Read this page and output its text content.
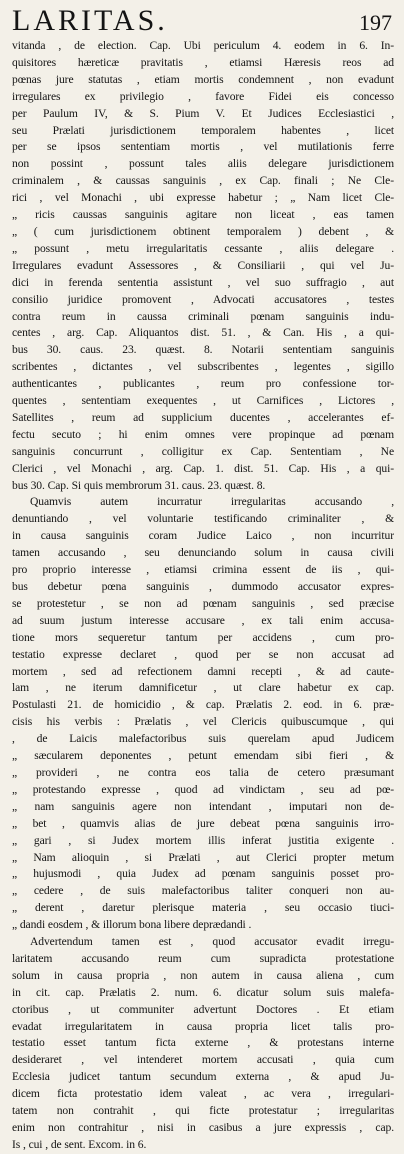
LARITAS.	197
vitanda , de election. Cap. Ubi periculum 4. eodem in 6. In-
quisitores hæreticæ pravitatis , etiamsi Hæresis reos ad
pœnas jure statutas , etiam mortis condemnent , non evadunt
irregulares ex privilegio , favore Fidei eis concesso
per Paulum IV, & S. Pium V. Et Judices Ecclesiastici ,
seu Prælati jurisdictionem temporalem habentes , licet
per se ipsos sententiam mortis , vel mutilationis ferre
non possint , possunt tales aliis delegare jurisdictionem
criminalem , & caussas sanguinis , ex Cap. finali ; Ne Cle-
rici , vel Monachi , ubi expresse habetur ; „ Nam licet Cle-
„ ricis caussas sanguinis agitare non liceat , eas tamen
„ ( cum jurisdictionem obtinent temporalem ) debent , &
„ possunt , metu irregularitatis cessante , aliis delegare .
Irregulares evadunt Assessores , & Consiliarii , qui vel Ju-
dici in ferenda sententia assistunt , vel suo suffragio , aut
consilio juridice promovent , Advocati accusatores , testes
contra reum in caussa criminali pœnam sanguinis indu-
centes , arg. Cap. Aliquantos dist. 51. , & Can. His , a qui-
bus 30. caus. 23. quæst. 8. Notarii sententiam sanguinis
scribentes , dictantes , vel subscribentes , legentes , sigillo
authenticantes , publicantes , reum pro confessione tor-
quentes , sententiam exequentes , ut Carnifices , Lictores ,
Satellites , reum ad supplicium ducentes , accelerantes ef-
fectu secuto ; hi enim omnes vere propinque ad pœnam
sanguinis concurrunt , colligitur ex Cap. Sententiam , Ne
Clerici , vel Monachi , arg. Cap. 1. dist. 51. Cap. His , a qui-
bus 30. Cap. Si quis membrorum 31. caus. 23. quæst. 8.
Quamvis autem incurratur irregularitas accusando ,
denuntiando , vel voluntarie testificando criminaliter , &
in causa sanguinis coram Judice Laico , non incurritur
tamen accusando , seu denunciando solum in causa civili
pro proprio interesse , etiamsi crimina essent de iis , qui-
bus debetur pœna sanguinis , dummodo accusator expres-
se protestetur , se non ad pœnam sanguinis , sed præcise
ad suum justum interesse accusare , ex tali enim accusa-
tione mors sequeretur tantum per accidens , cum pro-
testatio expresse declaret , quod per se non accusat ad
mortem , sed ad refectionem damni recepti , & ad caute-
lam , ne iterum damnificetur , ut clare habetur ex cap.
Postulasti 21. de homicidio , & cap. Prælatis 2. eod. in 6. præ-
cisis his verbis : Prælatis , vel Clericis quibuscumque , qui
, de Laicis malefactoribus suis querelam apud Judicem
„ sæcularem deponentes , petunt emendam sibi fieri , &
„ provideri , ne contra eos talia de cetero præsumant
„ protestando expresse , quod ad vindictam , seu ad pœ-
„ nam sanguinis agere non intendant , imputari non de-
„ bet , quamvis alias de jure debeat pœna sanguinis irro-
„ gari , si Judex mortem illis inferat justitia exigente .
„ Nam alioquin , si Prælati , aut Clerici propter metum
„ hujusmodi , quia Judex ad pœnam sanguinis posset pro-
„ cedere , de suis malefactoribus taliter conqueri non au-
„ derent , daretur plerisque materia , seu occasio tiuci-
„ dandi eosdem , & illorum bona libere deprædandi .
Advertendum tamen est , quod accusator evadit irregu-
laritatem accusando reum cum supradicta protestatione
solum in causa propria , non autem in causa aliena , cum
in cit. cap. Prælatis 2. num. 6. dicatur solum suis malefa-
ctoribus , ut communiter advertunt Doctores . Et etiam
evadat irregularitatem in causa propria licet talis pro-
testatio esset tantum ficta externe , & protestans interne
desideraret , vel intenderet mortem accusati , quia cum
Ecclesia judicet tantum secundum externa , & apud Ju-
dicem ficta protestatio idem valeat , ac vera , irregulari-
tatem non contrahit , qui ficte protestatur ; irregularitas
enim non contrahitur , nisi in casibus a jure expressis , cap.
Is , cui , de sent. Excom. in 6.
